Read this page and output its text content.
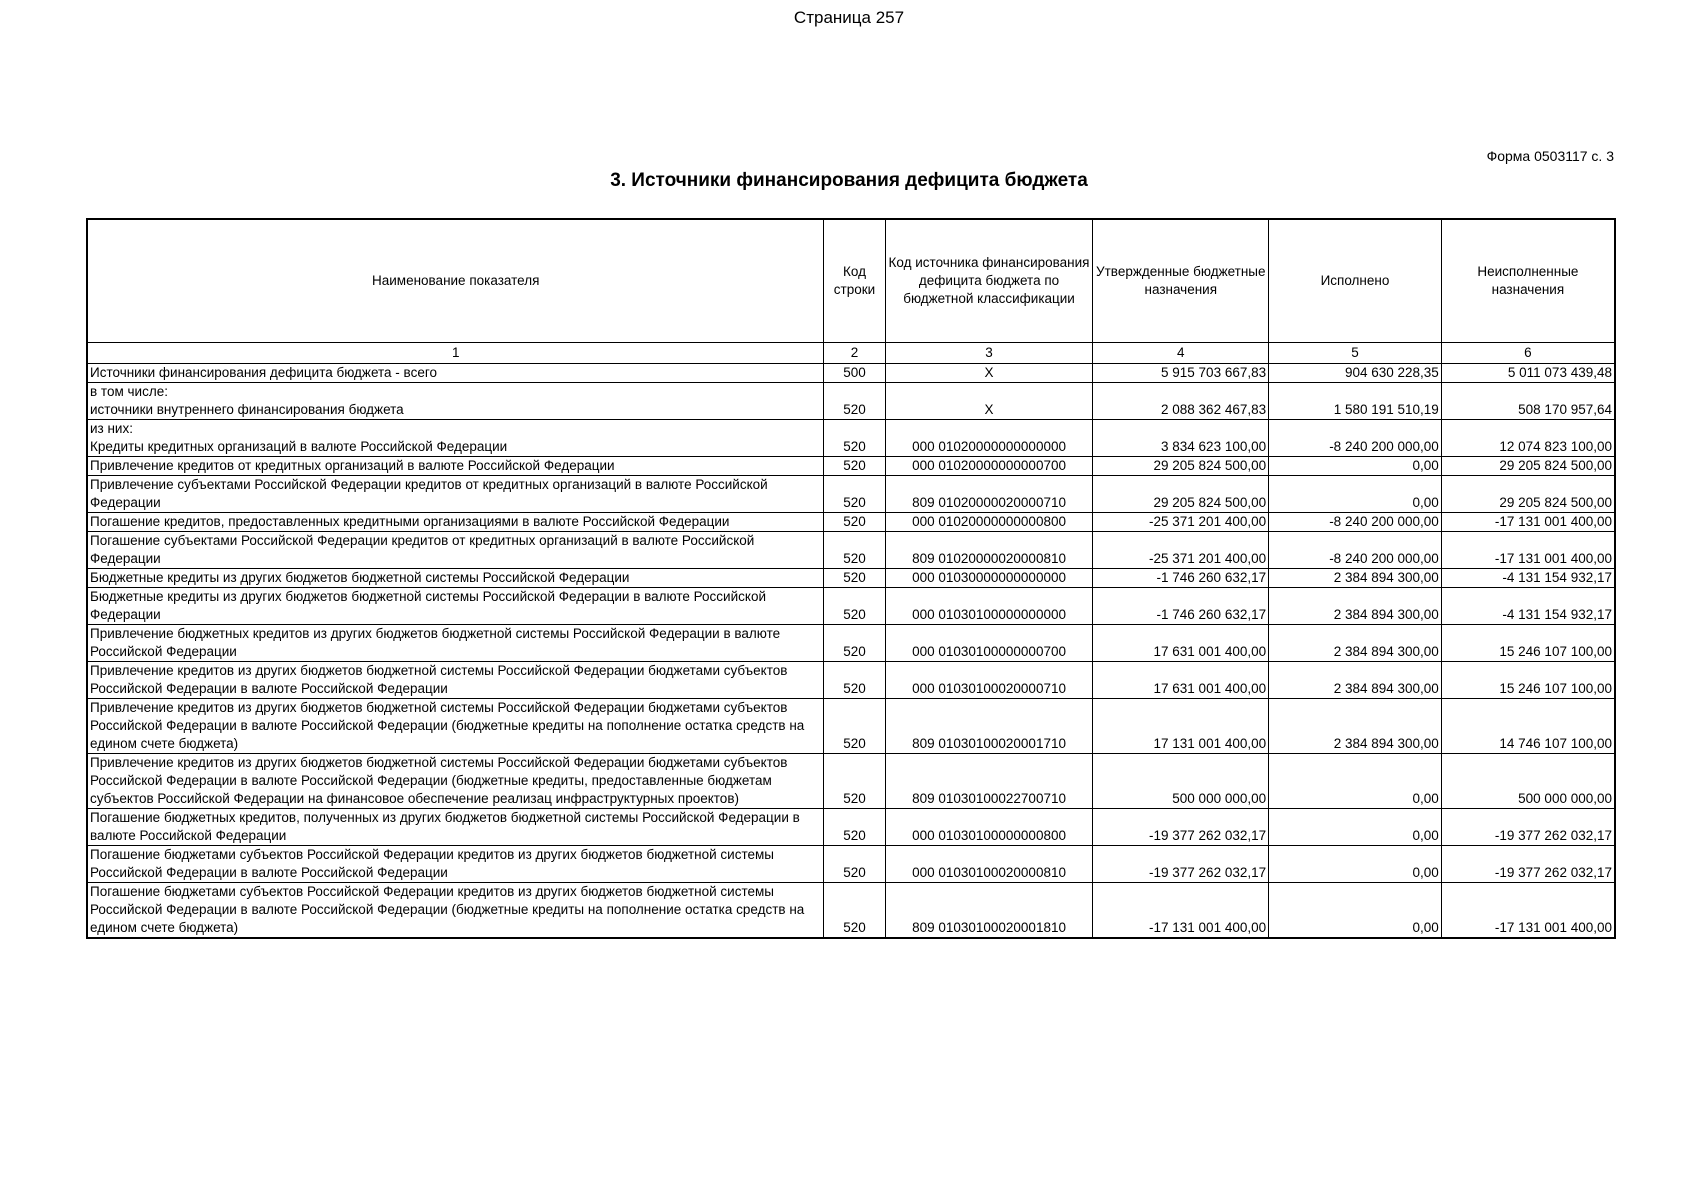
Страница 257
Форма 0503117 с. 3
3. Источники финансирования дефицита бюджета
Наименование показателя	Код строки	Код источника финансирования дефицита бюджета по бюджетной классификации	Утвержденные бюджетные назначения	Исполнено	Неисполненные назначения
1	2	3	4	5	6
Источники финансирования дефицита бюджета - всего	500	X	5 915 703 667,83	904 630 228,35	5 011 073 439,48
в том числе:					
источники внутреннего финансирования бюджета	520	X	2 088 362 467,83	1 580 191 510,19	508 170 957,64
из них:					
Кредиты кредитных организаций в валюте Российской Федерации	520	000 01020000000000000	3 834 623 100,00	-8 240 200 000,00	12 074 823 100,00
Привлечение кредитов от кредитных организаций в валюте Российской Федерации	520	000 01020000000000700	29 205 824 500,00	0,00	29 205 824 500,00
Привлечение субъектами Российской Федерации кредитов от кредитных организаций в валюте Российской Федерации	520	809 01020000020000710	29 205 824 500,00	0,00	29 205 824 500,00
Погашение кредитов, предоставленных кредитными организациями в валюте Российской Федерации	520	000 01020000000000800	-25 371 201 400,00	-8 240 200 000,00	-17 131 001 400,00
Погашение субъектами Российской Федерации кредитов от кредитных организаций в валюте Российской Федерации	520	809 01020000020000810	-25 371 201 400,00	-8 240 200 000,00	-17 131 001 400,00
Бюджетные кредиты из других бюджетов бюджетной системы Российской Федерации	520	000 01030000000000000	-1 746 260 632,17	2 384 894 300,00	-4 131 154 932,17
Бюджетные кредиты из других бюджетов бюджетной системы Российской Федерации в валюте Российской Федерации	520	000 01030100000000000	-1 746 260 632,17	2 384 894 300,00	-4 131 154 932,17
Привлечение бюджетных кредитов из других бюджетов бюджетной системы Российской Федерации в валюте Российской Федерации	520	000 01030100000000700	17 631 001 400,00	2 384 894 300,00	15 246 107 100,00
Привлечение кредитов из других бюджетов бюджетной системы Российской Федерации бюджетами субъектов Российской Федерации в валюте Российской Федерации	520	000 01030100020000710	17 631 001 400,00	2 384 894 300,00	15 246 107 100,00
Привлечение кредитов из других бюджетов бюджетной системы Российской Федерации бюджетами субъектов Российской Федерации в валюте Российской Федерации (бюджетные кредиты на пополнение остатка средств на едином счете бюджета)	520	809 01030100020001710	17 131 001 400,00	2 384 894 300,00	14 746 107 100,00
Привлечение кредитов из других бюджетов бюджетной системы Российской Федерации бюджетами субъектов Российской Федерации в валюте Российской Федерации (бюджетные кредиты, предоставленные бюджетам субъектов Российской Федерации на финансовое обеспечение реализац инфраструктурных проектов)	520	809 01030100022700710	500 000 000,00	0,00	500 000 000,00
Погашение бюджетных кредитов, полученных из других бюджетов бюджетной системы Российской Федерации в валюте Российской Федерации	520	000 01030100000000800	-19 377 262 032,17	0,00	-19 377 262 032,17
Погашение бюджетами субъектов Российской Федерации кредитов из других бюджетов бюджетной системы Российской Федерации в валюте Российской Федерации	520	000 01030100020000810	-19 377 262 032,17	0,00	-19 377 262 032,17
Погашение бюджетами субъектов Российской Федерации кредитов из других бюджетов бюджетной системы Российской Федерации в валюте Российской Федерации (бюджетные кредиты на пополнение остатка средств на едином счете бюджета)	520	809 01030100020001810	-17 131 001 400,00	0,00	-17 131 001 400,00
